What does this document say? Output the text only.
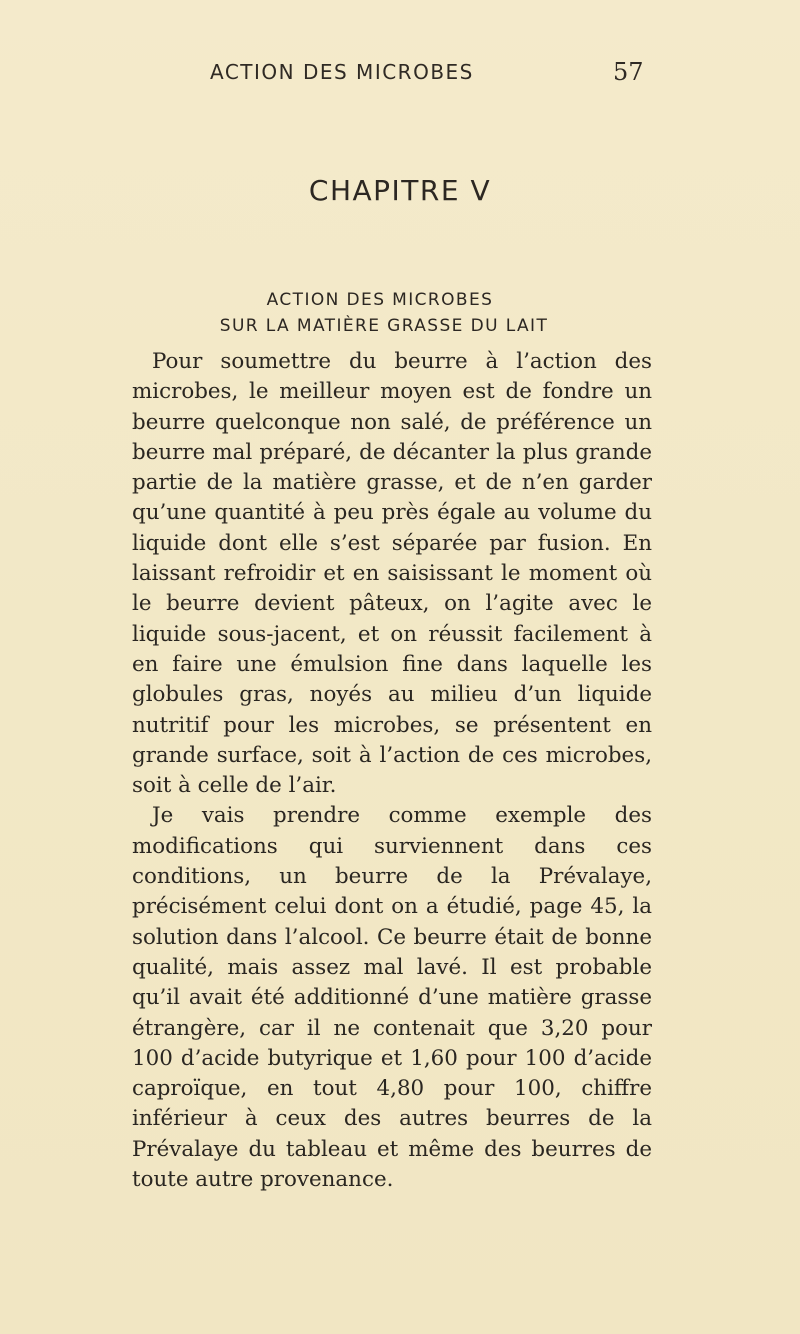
ACTION DES MICROBES	57
CHAPITRE V
ACTION DES MICROBES
SUR LA MATIÈRE GRASSE DU LAIT

Pour soumettre du beurre à l’action des microbes, le meilleur moyen est de fondre un beurre quelconque non salé, de préférence un beurre mal préparé, de décanter la plus grande partie de la matière grasse, et de n’en garder qu’une quantité à peu près égale au volume du liquide dont elle s’est séparée par fusion. En laissant refroidir et en saisissant le moment où le beurre devient pâteux, on l’agite avec le liquide sous-jacent, et on réussit facilement à en faire une émulsion fine dans laquelle les globules gras, noyés au milieu d’un liquide nutritif pour les microbes, se présentent en grande surface, soit à l’action de ces microbes, soit à celle de l’air.

Je vais prendre comme exemple des modifications qui surviennent dans ces conditions, un beurre de la Prévalaye, précisément celui dont on a étudié, page 45, la solution dans l’alcool. Ce beurre était de bonne qualité, mais assez mal lavé. Il est probable qu’il avait été additionné d’une matière grasse étrangère, car il ne contenait que 3,20 pour 100 d’acide butyrique et 1,60 pour 100 d’acide caproïque, en tout 4,80 pour 100, chiffre inférieur à ceux des autres beurres de la Prévalaye du tableau et même des beurres de toute autre provenance.
